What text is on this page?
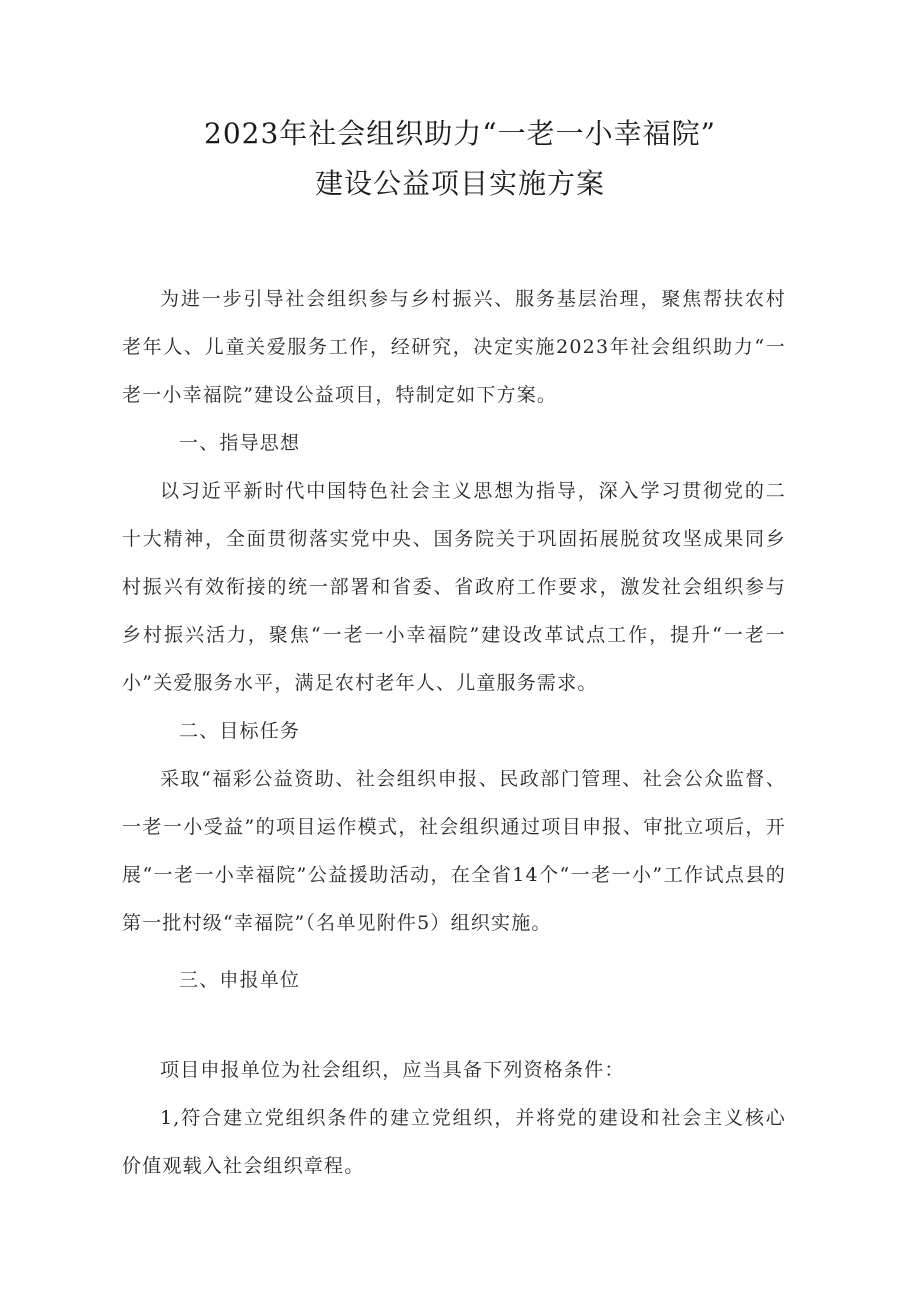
2023年社会组织助力“一老一小幸福院”
建设公益项目实施方案

为进一步引导社会组织参与乡村振兴、服务基层治理，聚焦帮扶农村老年人、儿童关爱服务工作，经研究，决定实施2023年社会组织助力“一老一小幸福院”建设公益项目，特制定如下方案。

一、指导思想

以习近平新时代中国特色社会主义思想为指导，深入学习贯彻党的二十大精神，全面贯彻落实党中央、国务院关于巩固拓展脱贫攻坚成果同乡村振兴有效衔接的统一部署和省委、省政府工作要求，激发社会组织参与乡村振兴活力，聚焦“一老一小幸福院”建设改革试点工作，提升“一老一小”关爱服务水平，满足农村老年人、儿童服务需求。

二、目标任务

采取“福彩公益资助、社会组织申报、民政部门管理、社会公众监督、一老一小受益”的项目运作模式，社会组织通过项目申报、审批立项后，开展“一老一小幸福院”公益援助活动，在全省14个“一老一小”工作试点县的第一批村级“幸福院”（名单见附件5）组织实施。

三、申报单位

项目申报单位为社会组织，应当具备下列资格条件：

1,符合建立党组织条件的建立党组织，并将党的建设和社会主义核心价值观载入社会组织章程。
